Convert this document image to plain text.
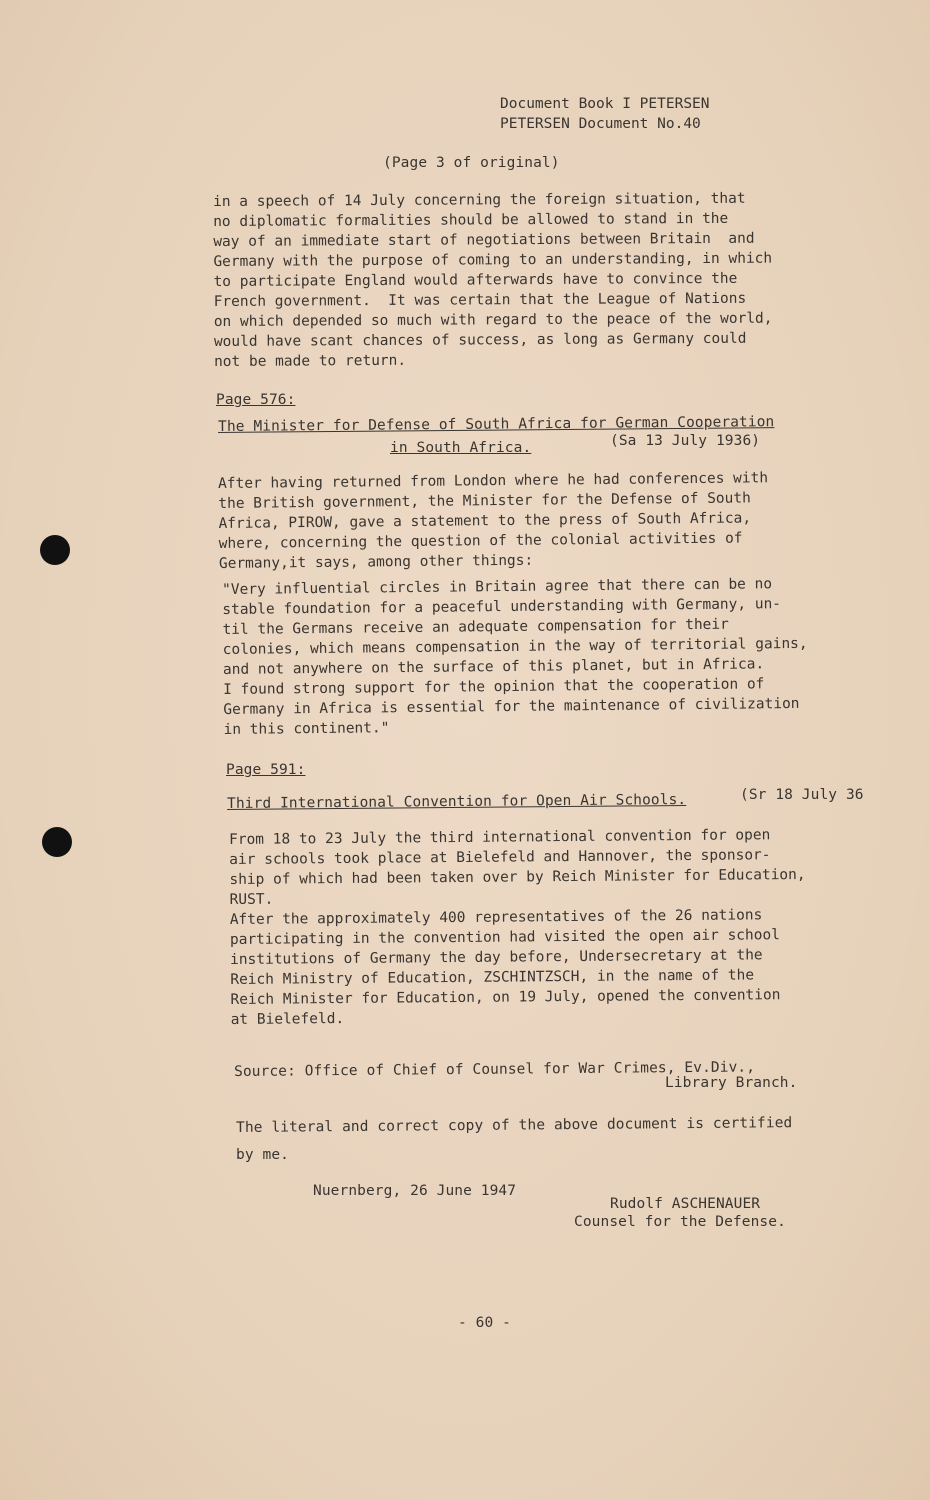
Document Book I PETERSEN
PETERSEN Document No.40
(Page 3 of original)
in a speech of 14 July concerning the foreign situation, that
no diplomatic formalities should be allowed to stand in the
way of an immediate start of negotiations between Britain  and
Germany with the purpose of coming to an understanding, in which
to participate England would afterwards have to convince the
French government.  It was certain that the League of Nations
on which depended so much with regard to the peace of the world,
would have scant chances of success, as long as Germany could
not be made to return.
Page 576:
The Minister for Defense of South Africa for German Cooperation
in South Africa.	(Sa 13 July 1936)
After having returned from London where he had conferences with
the British government, the Minister for the Defense of South
Africa, PIROW, gave a statement to the press of South Africa,
where, concerning the question of the colonial activities of
Germany,it says, among other things:
"Very influential circles in Britain agree that there can be no
stable foundation for a peaceful understanding with Germany, un-
til the Germans receive an adequate compensation for their
colonies, which means compensation in the way of territorial gains,
and not anywhere on the surface of this planet, but in Africa.
I found strong support for the opinion that the cooperation of
Germany in Africa is essential for the maintenance of civilization
in this continent."
Page 591:
Third International Convention for Open Air Schools.	(Sr 18 July 36
From 18 to 23 July the third international convention for open
air schools took place at Bielefeld and Hannover, the sponsor-
ship of which had been taken over by Reich Minister for Education,
RUST.
After the approximately 400 representatives of the 26 nations
participating in the convention had visited the open air school
institutions of Germany the day before, Undersecretary at the
Reich Ministry of Education, ZSCHINTZSCH, in the name of the
Reich Minister for Education, on 19 July, opened the convention
at Bielefeld.
Source: Office of Chief of Counsel for War Crimes, Ev.Div.,
Library Branch.
The literal and correct copy of the above document is certified
by me.
Nuernberg, 26 June 1947
Rudolf ASCHENAUER
Counsel for the Defense.
- 60 -
